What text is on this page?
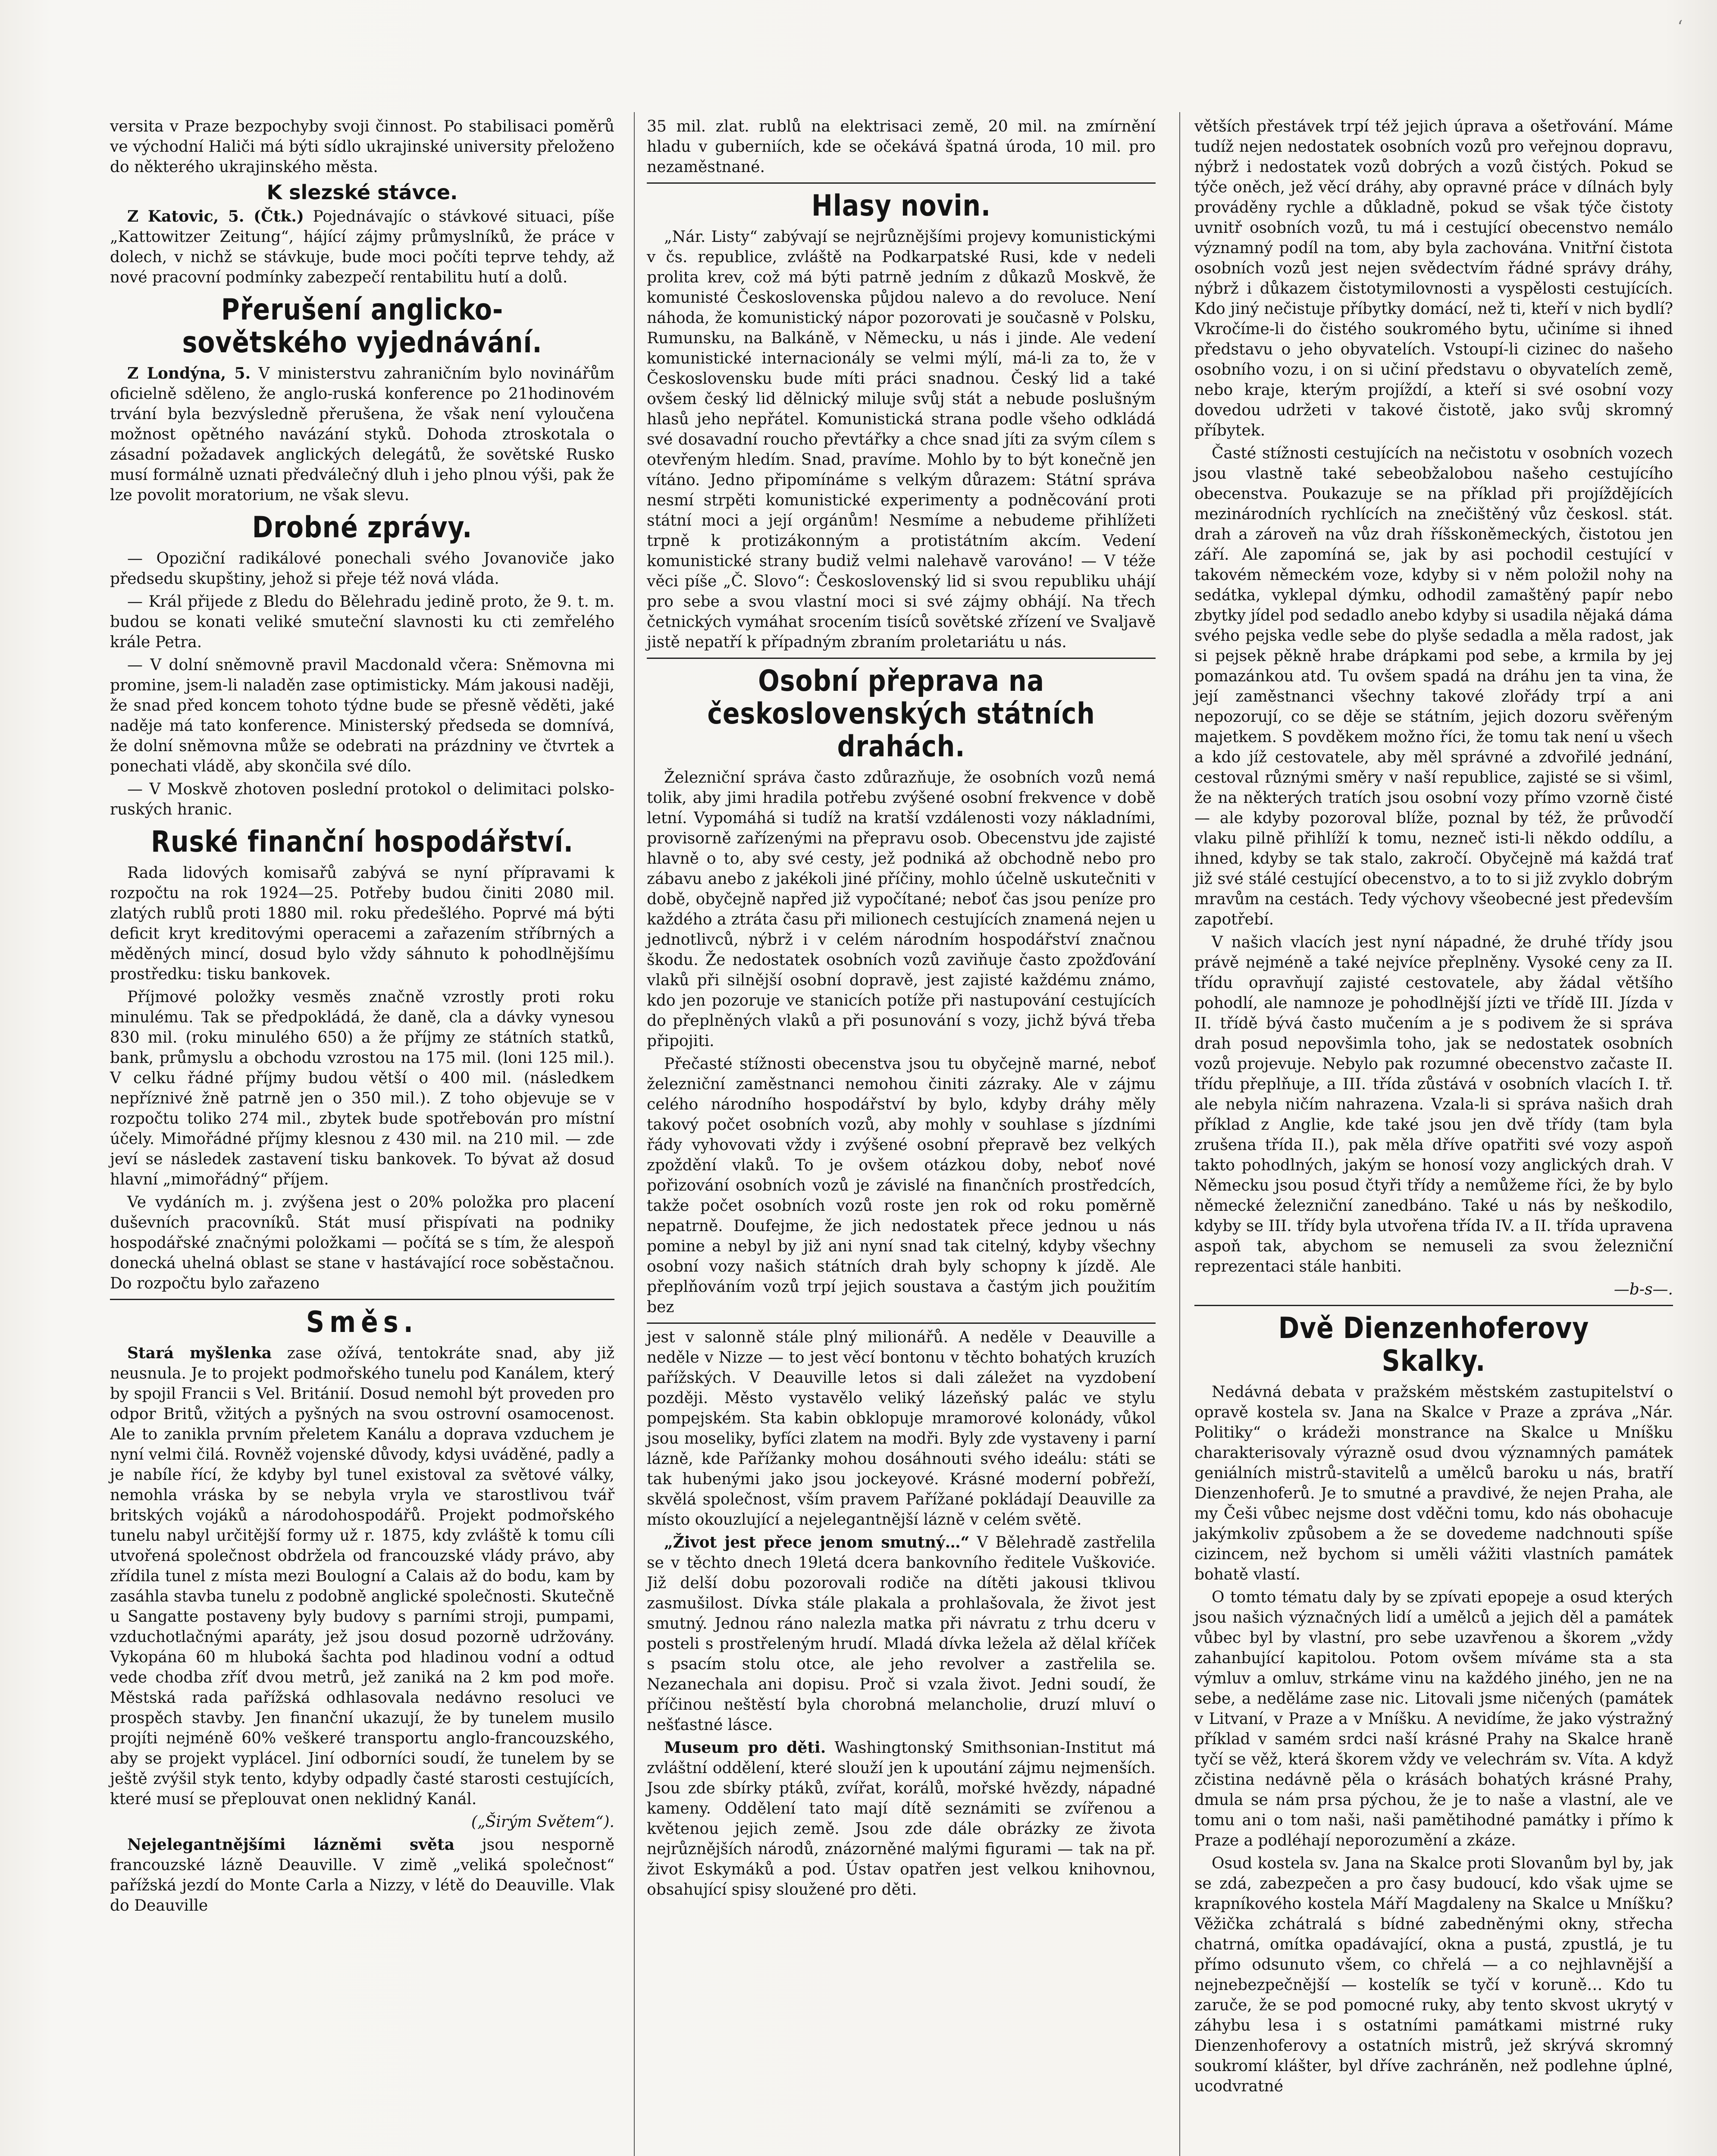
ʻ

versita v Praze bezpochyby svoji činnost. Po stabilisaci poměrů ve východní Haliči má býti sídlo ukrajinské university přeloženo do některého ukrajinského města.

K slezské stávce.

Z Katovic, 5. (Čtk.) Pojednávajíc o stávkové situaci, píše „Kattowitzer Zeitung“, hájící zájmy průmyslníků, že práce v dolech, v nichž se stávkuje, bude moci počíti teprve tehdy, až nové pracovní podmínky zabezpečí rentabilitu hutí a dolů.

Přerušení anglicko-sovětského vyjednávání.

Z Londýna, 5. V ministerstvu zahraničním bylo novinářům oficielně sděleno, že anglo-ruská konference po 21hodinovém trvání byla bezvýsledně přerušena, že však není vyloučena možnost opětného navázání styků. Dohoda ztroskotala o zásadní požadavek anglických delegátů, že sovětské Rusko musí formálně uznati předválečný dluh i jeho plnou výši, pak že lze povolit moratorium, ne však slevu.

Drobné zprávy.

— Opoziční radikálové ponechali svého Jovanoviče jako předsedu skupštiny, jehož si přeje též nová vláda.

— Král přijede z Bledu do Bělehradu jedině proto, že 9. t. m. budou se konati veliké smuteční slavnosti ku cti zemřelého krále Petra.

— V dolní sněmovně pravil Macdonald včera: Sněmovna mi promine, jsem-li naladěn zase optimisticky. Mám jakousi naději, že snad před koncem tohoto týdne bude se přesně věděti, jaké naděje má tato konference. Ministerský předseda se domnívá, že dolní sněmovna může se odebrati na prázdniny ve čtvrtek a ponechati vládě, aby skončila své dílo.

— V Moskvě zhotoven poslední protokol o delimitaci polsko-ruských hranic.

Ruské finanční hospodářství.

Rada lidových komisařů zabývá se nyní přípravami k rozpočtu na rok 1924—25. Potřeby budou činiti 2080 mil. zlatých rublů proti 1880 mil. roku předešlého. Poprvé má býti deficit kryt kreditovými operacemi a zařazením stříbrných a měděných mincí, dosud bylo vždy sáhnuto k pohodlnějšímu prostředku: tisku bankovek.

Příjmové položky vesměs značně vzrostly proti roku minulému. Tak se předpokládá, že daně, cla a dávky vynesou 830 mil. (roku minulého 650) a že příjmy ze státních statků, bank, průmyslu a obchodu vzrostou na 175 mil. (loni 125 mil.). V celku řádné příjmy budou větší o 400 mil. (následkem nepříznivé žně patrně jen o 350 mil.). Z toho objevuje se v rozpočtu toliko 274 mil., zbytek bude spotřebován pro místní účely. Mimořádné příjmy klesnou z 430 mil. na 210 mil. — zde jeví se následek zastavení tisku bankovek. To bývat až dosud hlavní „mimořádný“ příjem.

Ve vydáních m. j. zvýšena jest o 20% položka pro placení duševních pracovníků. Stát musí přispívati na podniky hospodářské značnými položkami — počítá se s tím, že alespoň donecká uhelná oblast se stane v hastávající roce soběstačnou. Do rozpočtu bylo zařazeno

Směs.

Stará myšlenka zase ožívá, tentokráte snad, aby již neusnula. Je to projekt podmořského tunelu pod Kanálem, který by spojil Francii s Vel. Británií. Dosud nemohl být proveden pro odpor Britů, vžitých a pyšných na svou ostrovní osamocenost. Ale to zanikla prvním přeletem Kanálu a doprava vzduchem je nyní velmi čilá. Rovněž vojenské důvody, kdysi uváděné, padly a je nabíle řící, že kdyby byl tunel existoval za světové války, nemohla vráska by se nebyla vryla ve starostlivou tvář britských vojáků a národohospodářů. Projekt podmořského tunelu nabyl určitější formy už r. 1875, kdy zvláště k tomu cíli utvořená společnost obdržela od francouzské vlády právo, aby zřídila tunel z místa mezi Boulogní a Calais až do bodu, kam by zasáhla stavba tunelu z podobně anglické společnosti. Skutečně u Sangatte postaveny byly budovy s parními stroji, pumpami, vzduchotlačnými aparáty, jež jsou dosud pozorně udržovány. Vykopána 60 m hluboká šachta pod hladinou vodní a odtud vede chodba zříť dvou metrů, jež zaniká na 2 km pod moře. Městská rada pařížská odhlasovala nedávno resoluci ve prospěch stavby. Jen finanční ukazují, že by tunelem musilo projíti nejméně 60% veškeré transportu anglo-francouzského, aby se projekt vyplácel. Jiní odborníci soudí, že tunelem by se ještě zvýšil styk tento, kdyby odpadly časté starosti cestujících, které musí se přeplouvat onen neklidný Kanál.

(„Širým Světem“).

Nejelegantnějšími lázněmi světa jsou nesporně francouzské lázně Deauville. V zimě „veliká společnost“ pařížská jezdí do Monte Carla a Nizzy, v létě do Deauville. Vlak do Deauville

35 mil. zlat. rublů na elektrisaci země, 20 mil. na zmírnění hladu v guberniích, kde se očekává špatná úroda, 10 mil. pro nezaměstnané.

Hlasy novin.

„Nár. Listy“ zabývají se nejrůznějšími projevy komunistickými v čs. republice, zvláště na Podkarpatské Rusi, kde v nedeli prolita krev, což má býti patrně jedním z důkazů Moskvě, že komunisté Československa půjdou nalevo a do revoluce. Není náhoda, že komunistický nápor pozorovati je současně v Polsku, Rumunsku, na Balkáně, v Německu, u nás i jinde. Ale vedení komunistické internacionály se velmi mýlí, má-li za to, že v Československu bude míti práci snadnou. Český lid a také ovšem český lid dělnický miluje svůj stát a nebude poslušným hlasů jeho nepřátel. Komunistická strana podle všeho odkládá své dosavadní roucho převtářky a chce snad jíti za svým cílem s otevřeným hledím. Snad, pravíme. Mohlo by to být konečně jen vítáno. Jedno připomínáme s velkým důrazem: Státní správa nesmí strpěti komunistické experimenty a podněcování proti státní moci a její orgánům! Nesmíme a nebudeme přihlížeti trpně k protizákonným a protistátním akcím. Vedení komunistické strany budiž velmi nalehavě varováno! — V téže věci píše „Č. Slovo“: Československý lid si svou republiku uhájí pro sebe a svou vlastní moci si své zájmy obhájí. Na třech četnických vymáhat srocením tisíců sovětské zřízení ve Svaljavě jistě nepatří k případným zbraním proletariátu u nás.

Osobní přeprava na československých státních drahách.

Železniční správa často zdůrazňuje, že osobních vozů nemá tolik, aby jimi hradila potřebu zvýšené osobní frekvence v době letní. Vypomáhá si tudíž na kratší vzdálenosti vozy nákladními, provisorně zařízenými na přepravu osob. Obecenstvu jde zajisté hlavně o to, aby své cesty, jež podniká až obchodně nebo pro zábavu anebo z jakékoli jiné příčiny, mohlo účelně uskutečniti v době, obyčejně napřed již vypočítané; neboť čas jsou peníze pro každého a ztráta času při milionech cestujících znamená nejen u jednotlivců, nýbrž i v celém národním hospodářství značnou škodu. Že nedostatek osobních vozů zaviňuje často zpožďování vlaků při silnější osobní dopravě, jest zajisté každému známo, kdo jen pozoruje ve stanicích potíže při nastupování cestujících do přeplněných vlaků a při posunování s vozy, jichž bývá třeba připojiti.

Přečasté stížnosti obecenstva jsou tu obyčejně marné, neboť železniční zaměstnanci nemohou činiti zázraky. Ale v zájmu celého národního hospodářství by bylo, kdyby dráhy měly takový počet osobních vozů, aby mohly v souhlase s jízdními řády vyhovovati vždy i zvýšené osobní přepravě bez velkých zpoždění vlaků. To je ovšem otázkou doby, neboť nové pořizování osobních vozů je závislé na finančních prostředcích, takže počet osobních vozů roste jen rok od roku poměrně nepatrně. Doufejme, že jich nedostatek přece jednou u nás pomine a nebyl by již ani nyní snad tak citelný, kdyby všechny osobní vozy našich státních drah byly schopny k jízdě. Ale přeplňováním vozů trpí jejich soustava a častým jich použitím bez

jest v salonně stále plný milionářů. A neděle v Deauville a neděle v Nizze — to jest věcí bontonu v těchto bohatých kruzích pařížských. V Deauville letos si dali záležet na vyzdobení později. Město vystavělo veliký lázeňský palác ve stylu pompejském. Sta kabin obklopuje mramorové kolonády, vůkol jsou moseliky, byfíci zlatem na modři. Byly zde vystaveny i parní lázně, kde Pařížanky mohou dosáhnouti svého ideálu: státi se tak hubenými jako jsou jockeyové. Krásné moderní pobřeží, skvělá společnost, vším pravem Pařížané pokládají Deauville za místo okouzlující a nejelegantnější lázně v celém světě.

„Život jest přece jenom smutný…“ V Bělehradě zastřelila se v těchto dnech 19letá dcera bankovního ředitele Vuškoviće. Již delší dobu pozorovali rodiče na dítěti jakousi tklivou zasmušilost. Dívka stále plakala a prohlašovala, že život jest smutný. Jednou ráno nalezla matka při návratu z trhu dceru v posteli s prostřeleným hrudí. Mladá dívka ležela až dělal kříček s psacím stolu otce, ale jeho revolver a zastřelila se. Nezanechala ani dopisu. Proč si vzala život. Jedni soudí, že příčinou neštěstí byla chorobná melancholie, druzí mluví o nešťastné lásce.

Museum pro děti. Washingtonský Smithsonian-Institut má zvláštní oddělení, které slouží jen k upoutání zájmu nejmenších. Jsou zde sbírky ptáků, zvířat, korálů, mořské hvězdy, nápadné kameny. Oddělení tato mají dítě seznámiti se zvířenou a květenou jejich země. Jsou zde dále obrázky ze života nejrůznějších národů, znázorněné malými figurami — tak na př. život Eskymáků a pod. Ústav opatřen jest velkou knihovnou, obsahující spisy sloužené pro děti.

větších přestávek trpí též jejich úprava a ošetřování. Máme tudíž nejen nedostatek osobních vozů pro veřejnou dopravu, nýbrž i nedostatek vozů dobrých a vozů čistých. Pokud se týče oněch, jež věcí dráhy, aby opravné práce v dílnách byly prováděny rychle a důkladně, pokud se však týče čistoty uvnitř osobních vozů, tu má i cestující obecenstvo nemálo významný podíl na tom, aby byla zachována. Vnitřní čistota osobních vozů jest nejen svědectvím řádné správy dráhy, nýbrž i důkazem čistotymilovnosti a vyspělosti cestujících. Kdo jiný nečistuje příbytky domácí, než ti, kteří v nich bydlí? Vkročíme-li do čistého soukromého bytu, učiníme si ihned představu o jeho obyvatelích. Vstoupí-li cizinec do našeho osobního vozu, i on si učiní představu o obyvatelích země, nebo kraje, kterým projíždí, a kteří si své osobní vozy dovedou udržeti v takové čistotě, jako svůj skromný příbytek.

Časté stížnosti cestujících na nečistotu v osobních vozech jsou vlastně také sebeobžalobou našeho cestujícího obecenstva. Poukazuje se na příklad při projíždějících mezinárodních rychlících na znečištěný vůz českosl. stát. drah a zároveň na vůz drah říšskoněmeckých, čistotou jen září. Ale zapomíná se, jak by asi pochodil cestující v takovém německém voze, kdyby si v něm položil nohy na sedátka, vyklepal dýmku, odhodil zamaštěný papír nebo zbytky jídel pod sedadlo anebo kdyby si usadila nějaká dáma svého pejska vedle sebe do plyše sedadla a měla radost, jak si pejsek pěkně hrabe drápkami pod sebe, a krmila by jej pomazánkou atd. Tu ovšem spadá na dráhu jen ta vina, že její zaměstnanci všechny takové zlořády trpí a ani nepozorují, co se děje se státním, jejich dozoru svěřeným majetkem. S povděkem možno říci, že tomu tak není u všech a kdo jíž cestovatele, aby měl správné a zdvořilé jednání, cestoval různými směry v naší republice, zajisté se si všiml, že na některých tratích jsou osobní vozy přímo vzorně čisté — ale kdyby pozoroval blíže, poznal by též, že průvodčí vlaku pilně přihlíží k tomu, nezneč isti-li někdo oddílu, a ihned, kdyby se tak stalo, zakročí. Obyčejně má každá trať již své stálé cestující obecenstvo, a to to si již zvyklo dobrým mravům na cestách. Tedy výchovy všeobecné jest především zapotřebí.

V našich vlacích jest nyní nápadné, že druhé třídy jsou právě nejméně a také nejvíce přeplněny. Vysoké ceny za II. třídu opravňují zajisté cestovatele, aby žádal většího pohodlí, ale namnoze je pohodlnější jízti ve třídě III. Jízda v II. třídě bývá často mučením a je s podivem že si správa drah posud nepovšimla toho, jak se nedostatek osobních vozů projevuje. Nebylo pak rozumné obecenstvo začaste II. třídu přeplňuje, a III. třída zůstává v osobních vlacích I. tř. ale nebyla ničím nahrazena. Vzala-li si správa našich drah příklad z Anglie, kde také jsou jen dvě třídy (tam byla zrušena třída II.), pak měla dříve opatřiti své vozy aspoň takto pohodlných, jakým se honosí vozy anglických drah. V Německu jsou posud čtyři třídy a nemůžeme říci, že by bylo německé železniční zanedbáno. Také u nás by neškodilo, kdyby se III. třídy byla utvořena třída IV. a II. třída upravena aspoň tak, abychom se nemuseli za svou železniční reprezentaci stále hanbiti.

—b-s—.

Dvě Dienzenhoferovy Skalky.

Nedávná debata v pražském městském zastupitelství o opravě kostela sv. Jana na Skalce v Praze a zpráva „Nár. Politiky“ o krádeži monstrance na Skalce u Mníšku charakterisovaly výrazně osud dvou významných památek geniálních mistrů-stavitelů a umělců baroku u nás, bratří Dienzenhoferů. Je to smutné a pravdivé, že nejen Praha, ale my Češi vůbec nejsme dost vděčni tomu, kdo nás obohacuje jakýmkoliv způsobem a že se dovedeme nadchnouti spíše cizincem, než bychom si uměli vážiti vlastních památek bohatě vlastí.

O tomto tématu daly by se zpívati epopeje a osud kterých jsou našich význačných lidí a umělců a jejich děl a památek vůbec byl by vlastní, pro sebe uzavřenou a škorem „vždy zahanbující kapitolou. Potom ovšem míváme sta a sta výmluv a omluv, strkáme vinu na každého jiného, jen ne na sebe, a neděláme zase nic. Litovali jsme ničených (památek v Litvaní, v Praze a v Mníšku. A nevidíme, že jako výstražný příklad v samém srdci naší krásné Prahy na Skalce hraně tyčí se věž, která škorem vždy ve velechrám sv. Víta. A když zčistina nedávně pěla o krásách bohatých krásné Prahy, dmula se nám prsa pýchou, že je to naše a vlastní, ale ve tomu ani o tom naši, naši pamětihodné památky i přímo k Praze a podléhají neporozumění a zkáze.

Osud kostela sv. Jana na Skalce proti Slovanům byl by, jak se zdá, zabezpečen a pro časy budoucí, kdo však ujme se krapníkového kostela Máří Magdaleny na Skalce u Mníšku? Věžička zchátralá s bídné zabedněnými okny, střecha chatrná, omítka opadávající, okna a pustá, zpustlá, je tu přímo odsunuto všem, co chřelá — a co nejhlavnější a nejnebezpečnější — kostelík se tyčí v koruně… Kdo tu zaruče, že se pod pomocné ruky, aby tento skvost ukrytý v záhybu lesa i s ostatními památkami mistrné ruky Dienzenhoferovy a ostatních mistrů, jež skrývá skromný soukromí klášter, byl dříve zachráněn, než podlehne úplné, ucodvratné
